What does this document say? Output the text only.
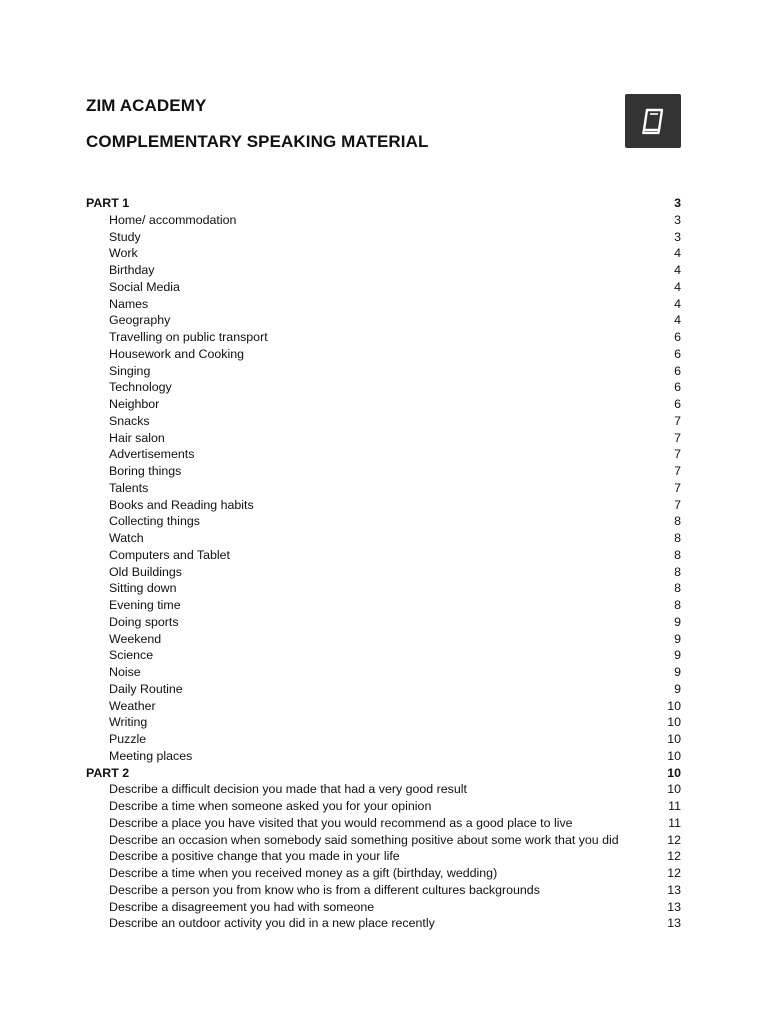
ZIM ACADEMY
COMPLEMENTARY SPEAKING MATERIAL
PART 1	3
Home/ accommodation	3
Study	3
Work	4
Birthday	4
Social Media	4
Names	4
Geography	4
Travelling on public transport	6
Housework and Cooking	6
Singing	6
Technology	6
Neighbor	6
Snacks	7
Hair salon	7
Advertisements	7
Boring things	7
Talents	7
Books and Reading habits	7
Collecting things	8
Watch	8
Computers and Tablet	8
Old Buildings	8
Sitting down	8
Evening time	8
Doing sports	9
Weekend	9
Science	9
Noise	9
Daily Routine	9
Weather	10
Writing	10
Puzzle	10
Meeting places	10
PART 2	10
Describe a difficult decision you made that had a very good result	10
Describe a time when someone asked you for your opinion	11
Describe a place you have visited that you would recommend as a good place to live	11
Describe an occasion when somebody said something positive about some work that you did	12
Describe a positive change that you made in your life	12
Describe a time when you received money as a gift (birthday, wedding)	12
Describe a person you from know who is from a different cultures backgrounds	13
Describe a disagreement you had with someone	13
Describe an outdoor activity you did in a new place recently	13
